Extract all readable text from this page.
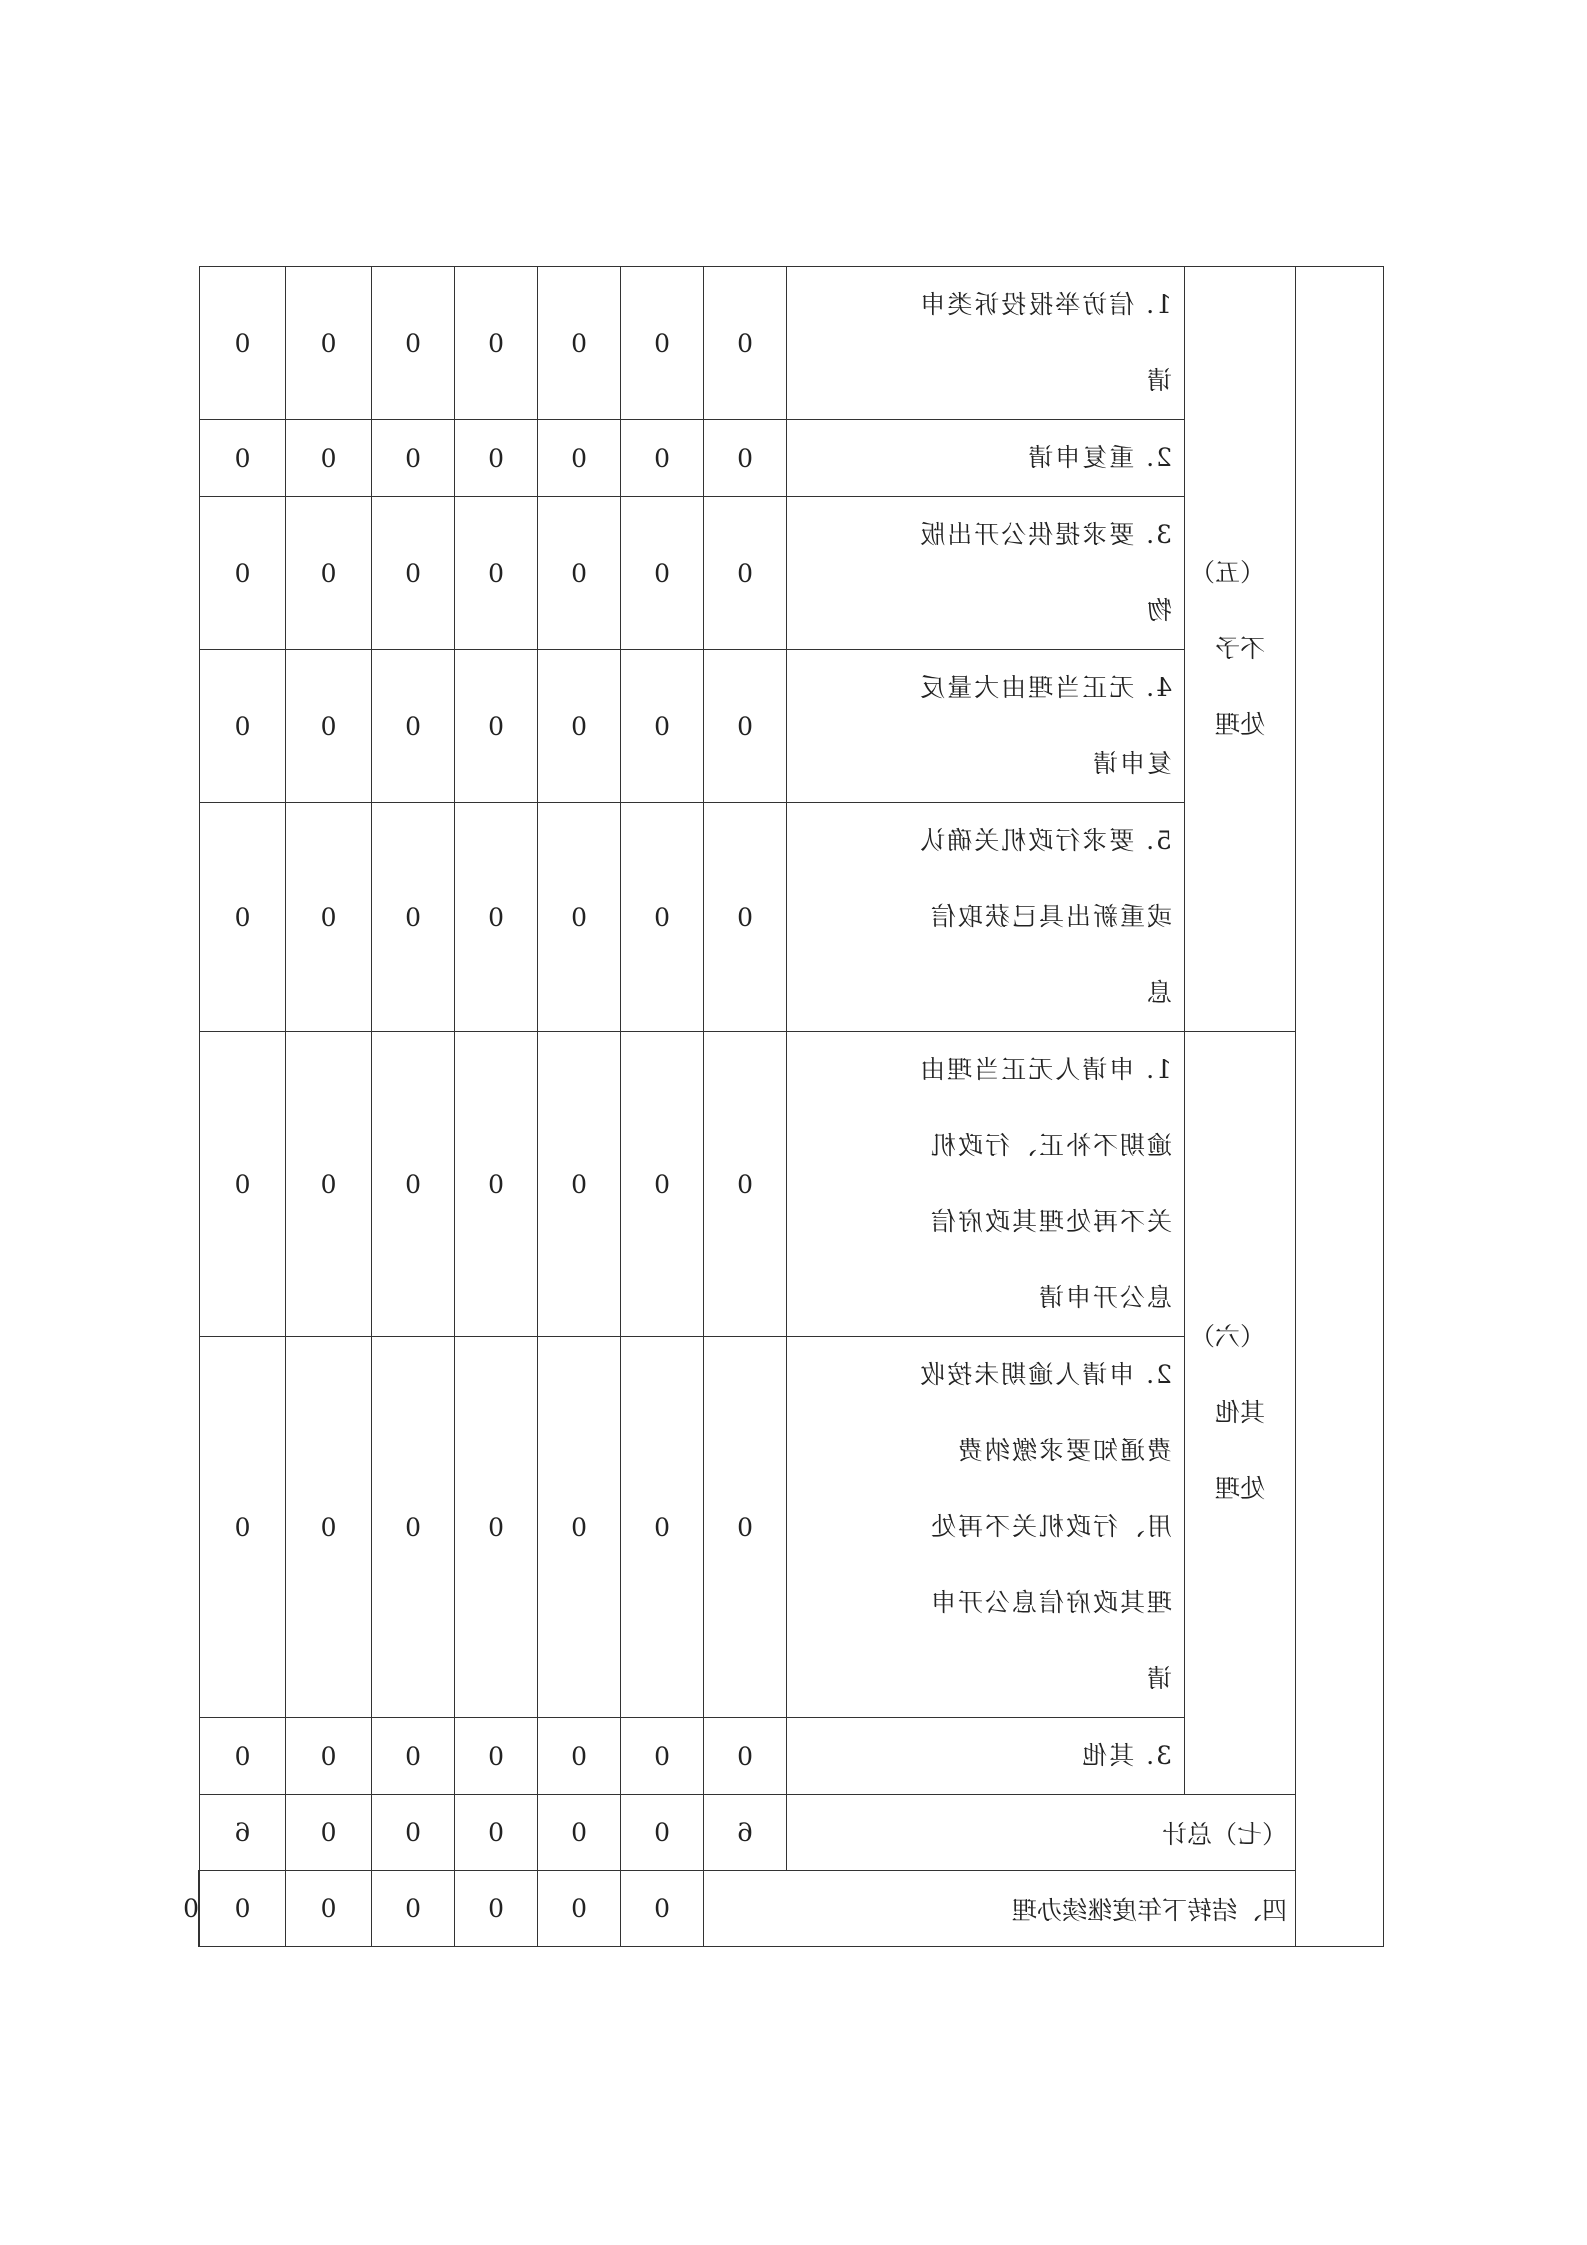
	（五）不予处理	1. 信访举报投诉类申请	0	0	0	0	0	0	0	

		2. 重复申请	0	0	0	0	0	0	0	

		3. 要求提供公开出版物	0	0	0	0	0	0	0	

		4. 无正当理由大量反复申请	0	0	0	0	0	0	0	

		5. 要求行政机关确认或重新出具已获取信息	0	0	0	0	0	0	0	

	（六）其他处理	1. 申请人无正当理由逾期不补正、行政机关不再处理其政府信息公开申请	0	0	0	0	0	0	0	

		2. 申请人逾期未按收费通知要求缴纳费用、行政机关不再处理其政府信息公开申请	0	0	0	0	0	0	0	

		3. 其他	0	0	0	0	0	0	0	
	（七）总计		6	0	0	0	0	0	6	
	四、结转下年度继续办理			0	0	0	0	0	0	0
